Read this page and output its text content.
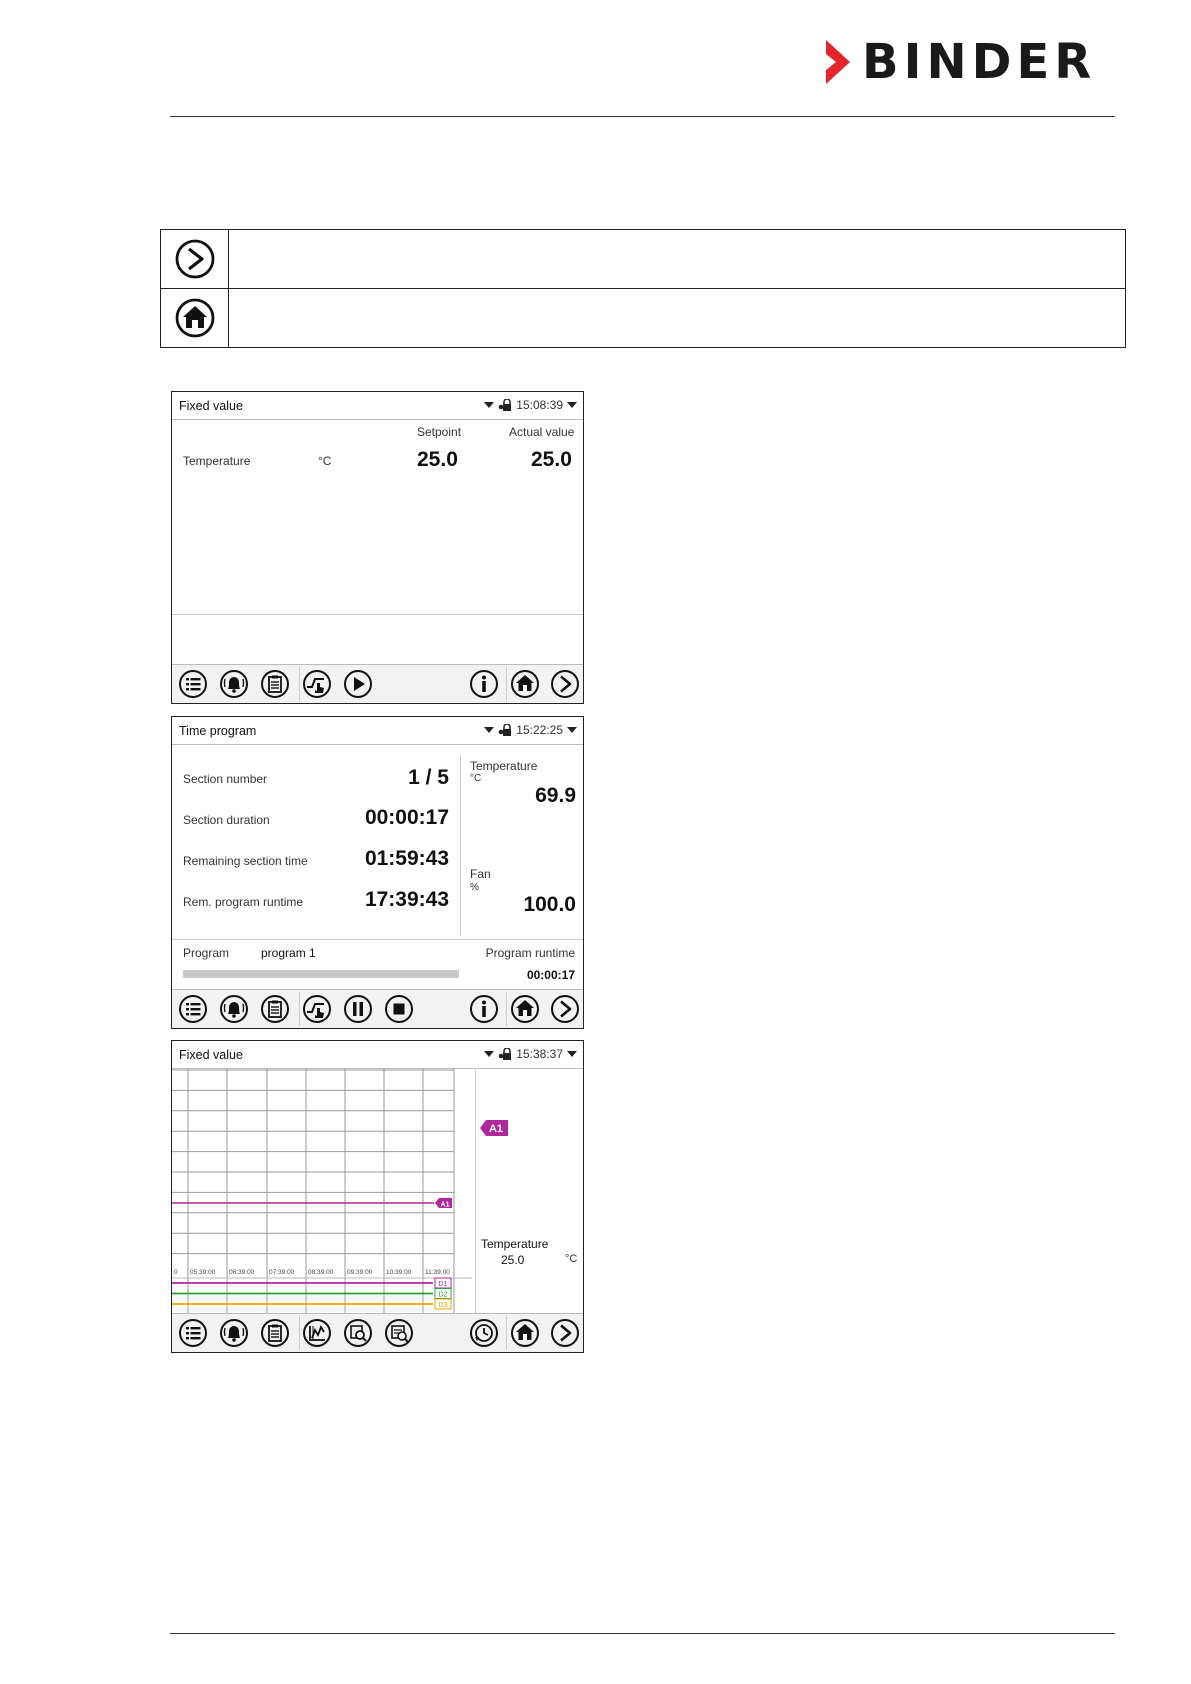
BINDER

Fixed value	15:08:39
Setpoint	Actual value
Temperature	°C	25.0	25.0
Time program	15:22:25
Section number	1 / 5
Section duration	00:00:17
Remaining section time	01:59:43
Rem. program runtime	17:39:43
Temperature
°C
69.9
Fan
%
100.0
Program	program 1	Program runtime
00:00:17
Fixed value	15:38:37
0 05:39:00 06:39:00 07:39:00 08:39:00 09:39:00 10:39:00 11:39:00
A1
D1
D2
D3
A1
Temperature
25.0	°C
